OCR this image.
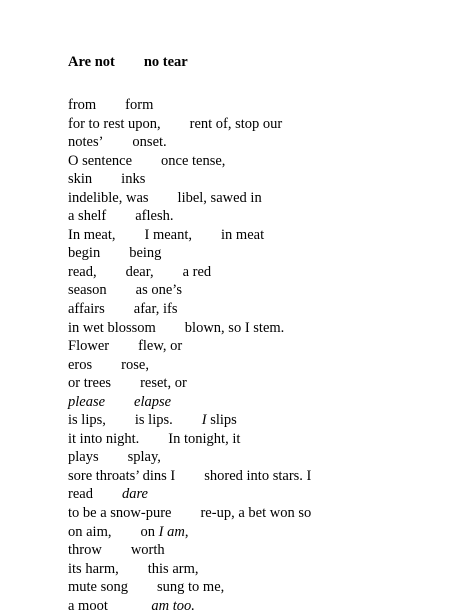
Are not  no tear
from  form
for to rest upon,  rent of, stop our
notes’  onset.
O sentence  once tense,
skin  inks
indelible, was  libel, sawed in
a shelf  aflesh.
In meat,  I meant,  in meat
begin  being
read,  dear,  a red
season  as one’s
affairs  afar, ifs
in wet blossom  blown, so I stem.
Flower  flew, or
eros  rose,
or trees  reset, or
please  elapse
is lips,  is lips.  I slips
it into night.  In tonight, it
plays  splay,
sore throats’ dins I  shored into stars. I
read  dare
to be a snow-pure  re-up, a bet won so
on aim,  on I am,
throw  worth
its harm,  this arm,
mute song  sung to me,
a moot   am too.
